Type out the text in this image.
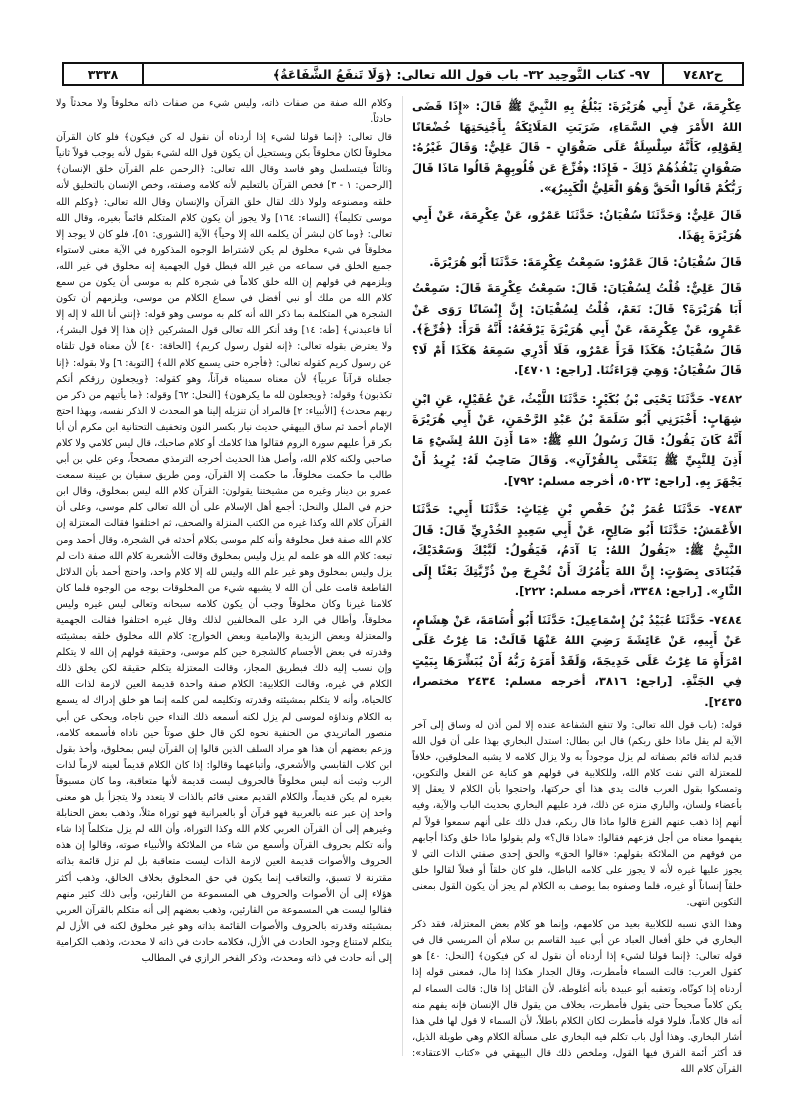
ح٧٤٨٢
٩٧- كتاب التَّوحِيد ٣٢- باب قول الله تعالى: ﴿وَلَا تَنفَعُ الشَّفَاعَةُ﴾
٣٣٣٨

عِكْرِمَةَ، عَنْ أَبِي هُرَيْرَةَ: يَبْلُغُ بِهِ النَّبِيَّ ﷺ قَالَ: «إِذَا قَضَى اللهُ الأَمْرَ فِي السَّمَاءِ، ضَرَبَتِ المَلَائِكَةُ بِأَجْنِحَتِهَا خُضْعَانًا لِقَوْلِهِ، كَأَنَّهُ سِلْسِلَةٌ عَلَى صَفْوَانٍ - قَالَ عَلِيٌّ: وَقَالَ غَيْرُهُ: صَفْوَانٍ يَنْفُذُهُمْ ذَلِكَ - فَإِذَا: ﴿فُزِّعَ عَن قُلُوبِهِمْ قَالُوا مَاذَا قَالَ رَبُّكُمْ قَالُوا الْحَقَّ وَهُوَ الْعَلِيُّ الْكَبِيرُ﴾».

قَالَ عَلِيٌّ: وَحَدَّثَنَا سُفْيَانُ: حَدَّثَنَا عَمْرٌو، عَنْ عِكْرِمَةَ، عَنْ أَبِي هُرَيْرَةَ بِهَذَا.

قَالَ سُفْيَانُ: قَالَ عَمْرٌو: سَمِعْتُ عِكْرِمَةَ: حَدَّثَنَا أَبُو هُرَيْرَةَ.

قَالَ عَلِيٌّ: قُلْتُ لِسُفْيَانَ: قَالَ: سَمِعْتُ عِكْرِمَةَ قَالَ: سَمِعْتُ أَبَا هُرَيْرَةَ؟ قَالَ: نَعَمْ، قُلْتُ لِسُفْيَانَ: إِنَّ إِنْسَانًا رَوَى عَنْ عَمْرٍو، عَنْ عِكْرِمَةَ، عَنْ أَبِي هُرَيْرَةَ يَرْفَعُهُ: أَنَّهُ قَرَأَ: ﴿فُرِّغَ﴾. قَالَ سُفْيَانُ: هَكَذَا قَرَأَ عَمْرٌو، فَلَا أَدْرِي سَمِعَهُ هَكَذَا أَمْ لَا؟ قَالَ سُفْيَانُ: وَهِيَ قِرَاءَتُنَا. [راجع: ٤٧٠١].

٧٤٨٢- حَدَّثَنَا يَحْيَى بْنُ بُكَيْرٍ: حَدَّثَنَا اللَّيْثُ، عَنْ عُقَيْلٍ، عَنِ ابْنِ شِهَابٍ: أَخْبَرَنِي أَبُو سَلَمَةَ بْنُ عَبْدِ الرَّحْمَنِ، عَنْ أَبِي هُرَيْرَةَ أَنَّهُ كَانَ يَقُولُ: قَالَ رَسُولُ اللهِ ﷺ: «مَا أَذِنَ اللهُ لِشَيْءٍ مَا أَذِنَ لِلنَّبِيِّ ﷺ يَتَغَنَّى بِالقُرْآنِ». وَقَالَ صَاحِبٌ لَهُ: يُرِيدُ أَنْ يَجْهَرَ بِهِ. [راجع: ٥٠٢٣، أخرجه مسلم: ٧٩٢].

٧٤٨٣- حَدَّثَنَا عُمَرُ بْنُ حَفْصِ بْنِ غِيَاثٍ: حَدَّثَنَا أَبِي: حَدَّثَنَا الأَعْمَشُ: حَدَّثَنَا أَبُو صَالِحٍ، عَنْ أَبِي سَعِيدٍ الخُدْرِيِّ قَالَ: قَالَ النَّبِيُّ ﷺ: «يَقُولُ اللهُ: يَا آدَمُ، فَيَقُولُ: لَبَّيْكَ وَسَعْدَيْكَ، فَيُنَادَى بِصَوْتٍ: إِنَّ اللهَ يَأْمُرُكَ أَنْ تُخْرِجَ مِنْ ذُرِّيَّتِكَ بَعْثًا إِلَى النَّارِ». [راجع: ٣٣٤٨، أخرجه مسلم: ٢٢٢].

٧٤٨٤- حَدَّثَنَا عُبَيْدُ بْنُ إِسْمَاعِيلَ: حَدَّثَنَا أَبُو أُسَامَةَ، عَنْ هِشَامٍ، عَنْ أَبِيهِ، عَنْ عَائِشَةَ رَضِيَ اللهُ عَنْهَا قَالَتْ: مَا غِرْتُ عَلَى امْرَأَةٍ مَا غِرْتُ عَلَى خَدِيجَةَ، وَلَقَدْ أَمَرَهُ رَبُّهُ أَنْ يُبَشِّرَهَا بِبَيْتٍ فِي الجَنَّةِ. [راجع: ٣٨١٦، أخرجه مسلم: ٢٤٣٤ مختصرا، ٢٤٣٥].

قوله: (باب قول الله تعالى: ولا تنفع الشفاعة عنده إلا لمن أذن له وساق إلى آخر الآية لم يقل ماذا خلق ربكم) قال ابن بطال: استدل البخاري بهذا على أن قول الله قديم لذاته قائم بصفاته لم يزل موجوداً به ولا يزال كلامه لا يشبه المخلوقين، خلافاً للمعتزلة التي نفت كلام الله، وللكلابية في قولهم هو كناية عن الفعل والتكوين، وتمسكوا بقول العرب قالت يدي هذا أي حركتها، واحتجوا بأن الكلام لا يعقل إلا بأعضاء ولسان، والباري منزه عن ذلك، فرد عليهم البخاري بحديث الباب والآية، وفيه أنهم إذا ذهب عنهم الفزع قالوا ماذا قال ربكم، فدل ذلك على أنهم سمعوا قولاً لم يفهموا معناه من أجل فزعهم فقالوا: «ماذا قال؟» ولم يقولوا ماذا خلق وكذا أجابهم من فوقهم من الملائكة بقولهم: «قالوا الحق» والحق إحدى صفتي الذات التي لا يجوز عليها غيره لأنه لا يجوز على كلامه الباطل، فلو كان خلقاً أو فعلاً لقالوا خلق خلقاً إنساناً أو غيره، فلما وصفوه بما يوصف به الكلام لم يجز أن يكون القول بمعنى التكوين انتهى.

وهذا الذي نسبه للكلابية بعيد من كلامهم، وإنما هو كلام بعض المعتزلة، فقد ذكر البخاري في خلق أفعال العباد عن أبي عبيد القاسم بن سلام أن المريسي قال في قوله تعالى: ﴿إنما قولنا لشيء إذا أردناه أن نقول له كن فيكون﴾ [النحل: ٤٠] هو كقول العرب: قالت السماء فأمطرت، وقال الجدار هكذا إذا مال، فمعنى قوله إذا أردناه إذا كونّاه، وتعقبه أبو عبيدة بأنه أغلوطة، لأن القائل إذا قال: قالت السماء لم يكن كلاماً صحيحاً حتى يقول فأمطرت، بخلاف من يقول قال الإنسان فإنه يفهم منه أنه قال كلاماً، فلولا قوله فأمطرت لكان الكلام باطلاً، لأن السماء لا قول لها فلي هذا أشار البخاري. وهذا أول باب تكلم فيه البخاري على مسألة الكلام وهي طويلة الذيل، قد أكثر أئمة الفرق فيها القول، وملخص ذلك قال البيهقي في «كتاب الاعتقاد»: القرآن كلام الله

وكلام الله صفة من صفات ذاته، وليس شيء من صفات ذاته مخلوقاً ولا محدثاً ولا حادثاً.

قال تعالى: ﴿إنما قولنا لشيء إذا أردناه أن نقول له كن فيكون﴾ فلو كان القرآن مخلوقاً لكان مخلوقاً بكن ويستحيل أن يكون قول الله لشيء بقول لأنه يوجب قولاً ثانياً وثالثاً فيتسلسل وهو فاسد وقال الله تعالى: ﴿الرحمن علم القرآن خلق الإنسان﴾ [الرحمن: ١ - ٣] فخص القرآن بالتعليم لأنه كلامه وصفته، وخص الإنسان بالتخليق لأنه خلقه ومصنوعه ولولا ذلك لقال خلق القرآن والإنسان وقال الله تعالى: ﴿وكلم الله موسى تكليماً﴾ [النساء: ١٦٤] ولا يجوز أن يكون كلام المتكلم قائماً بغيره، وقال الله تعالى: ﴿وما كان لبشر أن يكلمه الله إلا وحياً﴾ الآية [الشورى: ٥١]، فلو كان لا يوجد إلا مخلوقاً في شيء مخلوق لم يكن لاشتراط الوجوه المذكورة في الآية معنى لاستواء جميع الخلق في سماعه من غير الله فبطل قول الجهمية إنه مخلوق في غير الله، ويلزمهم في قولهم إن الله خلق كلاماً في شجرة كلم به موسى أن يكون من سمع كلام الله من ملك أو نبي أفضل في سماع الكلام من موسى، ويلزمهم أن تكون الشجرة هي المتكلمة بما ذكر الله أنه كلم به موسى وهو قوله: ﴿إنني أنا الله لا إله إلا أنا فاعبدني﴾ [طه: ١٤] وقد أنكر الله تعالى قول المشركين ﴿إن هذا إلا قول البشر﴾، ولا يعترض بقوله تعالى: ﴿إنه لقول رسول كريم﴾ [الحاقة: ٤٠] لأن معناه قول تلقاه عن رسول كريم كقوله تعالى: ﴿فأجره حتى يسمع كلام الله﴾ [التوبة: ٦] ولا بقوله: ﴿إنا جعلناه قرآناً عربياً﴾ لأن معناه سميناه قرآناً، وهو كقوله: ﴿ويجعلون رزقكم أنكم تكذبون﴾ وقوله: ﴿ويجعلون لله ما يكرهون﴾ [النحل: ٦٢] وقوله: ﴿ما يأتيهم من ذكر من ربهم محدث﴾ [الأنبياء: ٢] فالمراد أن تنزيله إلينا هو المحدث لا الذكر نفسه، وبهذا احتج الإمام أحمد ثم ساق البيهقي حديث نيار بكسر النون وتخفيف التحتانية ابن مكرم أن أبا بكر قرأ عليهم سورة الروم فقالوا هذا كلامك أو كلام صاحبك، قال ليس كلامي ولا كلام صاحبي ولكنه كلام الله، وأصل هذا الحديث أخرجه الترمذي مصححاً، وعن علي بن أبي طالب ما حكمت مخلوقاً، ما حكمت إلا القرآن، ومن طريق سفيان بن عيينة سمعت عمرو بن دينار وغيره من مشيختنا يقولون: القرآن كلام الله ليس بمخلوق، وقال ابن حزم في الملل والنحل: أجمع أهل الإسلام على أن الله تعالى كلم موسى، وعلى أن القرآن كلام الله وكذا غيره من الكتب المنزلة والصحف، ثم اختلفوا فقالت المعتزلة إن كلام الله صفة فعل مخلوقة وأنه كلم موسى بكلام أحدثه في الشجرة، وقال أحمد ومن تبعه: كلام الله هو علمه لم يزل وليس بمخلوق وقالت الأشعرية كلام الله صفة ذات لم يزل وليس بمخلوق وهو غير علم الله وليس لله إلا كلام واحد، واحتج أحمد بأن الدلائل القاطعة قامت على أن الله لا يشبهه شيء من المخلوقات بوجه من الوجوه فلما كان كلامنا غيرنا وكان مخلوقاً وجب أن يكون كلامه سبحانه وتعالى ليس غيره وليس مخلوقاً، وأطال في الرد على المخالفين لذلك وقال غيره اختلفوا فقالت الجهمية والمعتزلة وبعض الزيدية والإمامية وبعض الخوارج: كلام الله مخلوق خلقه بمشيئته وقدرته في بعض الأجسام كالشجرة حين كلم موسى، وحقيقة قولهم إن الله لا يتكلم وإن نسب إليه ذلك فبطريق المجاز، وقالت المعتزلة يتكلم حقيقة لكن يخلق ذلك الكلام في غيره، وقالت الكلابية: الكلام صفة واحدة قديمة العين لازمة لذات الله كالحياة، وأنه لا يتكلم بمشيئته وقدرته وتكليمه لمن كلمه إنما هو خلق إدراك له يسمع به الكلام ونداؤه لموسى لم يزل لكنه أسمعه ذلك النداء حين ناجاه، ويحكى عن أبي منصور الماتريدي من الحنفية نحوه لكن قال خلق صوتاً حين ناداه فأسمعه كلامه، وزعم بعضهم أن هذا هو مراد السلف الذين قالوا إن القرآن ليس بمخلوق، وأخذ بقول ابن كلاب القابسي والأشعري، وأتباعهما وقالوا: إذا كان الكلام قديماً لعينه لازماً لذات الرب وثبت أنه ليس مخلوقاً فالحروف ليست قديمة لأنها متعاقبة، وما كان مسبوقاً بغيره لم يكن قديماً، والكلام القديم معنى قائم بالذات لا يتعدد ولا يتجزأ بل هو معنى واحد إن عبر عنه بالعربية فهو قرآن أو بالعبرانية فهو توراة مثلاً، وذهب بعض الحنابلة وغيرهم إلى أن القرآن العربي كلام الله وكذا التوراة، وأن الله لم يزل متكلماً إذا شاء وأنه تكلم بحروف القرآن وأسمع من شاء من الملائكة والأنبياء صوته، وقالوا إن هذه الحروف والأصوات قديمة العين لازمة الذات ليست متعاقبة بل لم تزل قائمة بذاته مقترنة لا تسبق، والتعاقب إنما يكون في حق المخلوق بخلاف الخالق، وذهب أكثر هؤلاء إلى أن الأصوات والحروف هي المسموعة من القارئين، وأبى ذلك كثير منهم فقالوا ليست هي المسموعة من القارئين، وذهب بعضهم إلى أنه متكلم بالقرآن العربي بمشيئته وقدرته بالحروف والأصوات القائمة بذاته وهو غير مخلوق لكنه في الأزل لم يتكلم لامتناع وجود الحادث في الأزل، فكلامه حادث في ذاته لا محدث، وذهب الكرامية إلى أنه حادث في ذاته ومحدث، وذكر الفخر الرازي في المطالب
